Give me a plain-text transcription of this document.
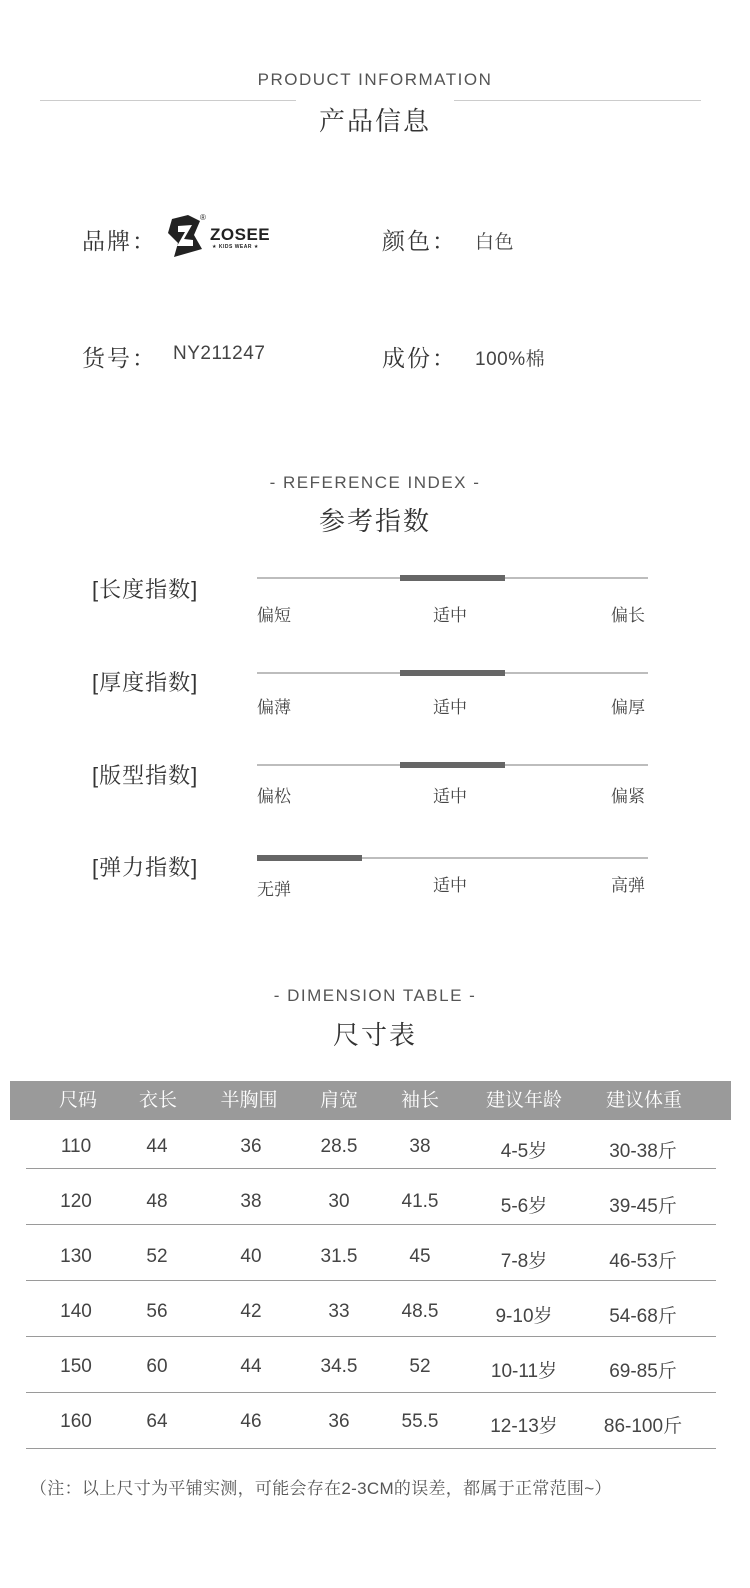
PRODUCT INFORMATION
产品信息
品牌：
®
ZOSEE
★ KIDS WEAR ★	颜色： 白色
货号： NY211247	成份： 100%棉
- REFERENCE INDEX -
参考指数
[长度指数]
偏短	适中	偏长
[厚度指数]
偏薄	适中	偏厚
[版型指数]
偏松	适中	偏紧
[弹力指数]
无弹	适中	高弹
- DIMENSION TABLE -
尺寸表
尺码	衣长	半胸围	肩宽	袖长	建议年龄	建议体重
110	44	36	28.5	38	4-5岁	30-38斤
120	48	38	30	41.5	5-6岁	39-45斤
130	52	40	31.5	45	7-8岁	46-53斤
140	56	42	33	48.5	9-10岁	54-68斤
150	60	44	34.5	52	10-11岁	69-85斤
160	64	46	36	55.5	12-13岁	86-100斤
（注：以上尺寸为平铺实测，可能会存在2-3CM的误差，都属于正常范围~）
